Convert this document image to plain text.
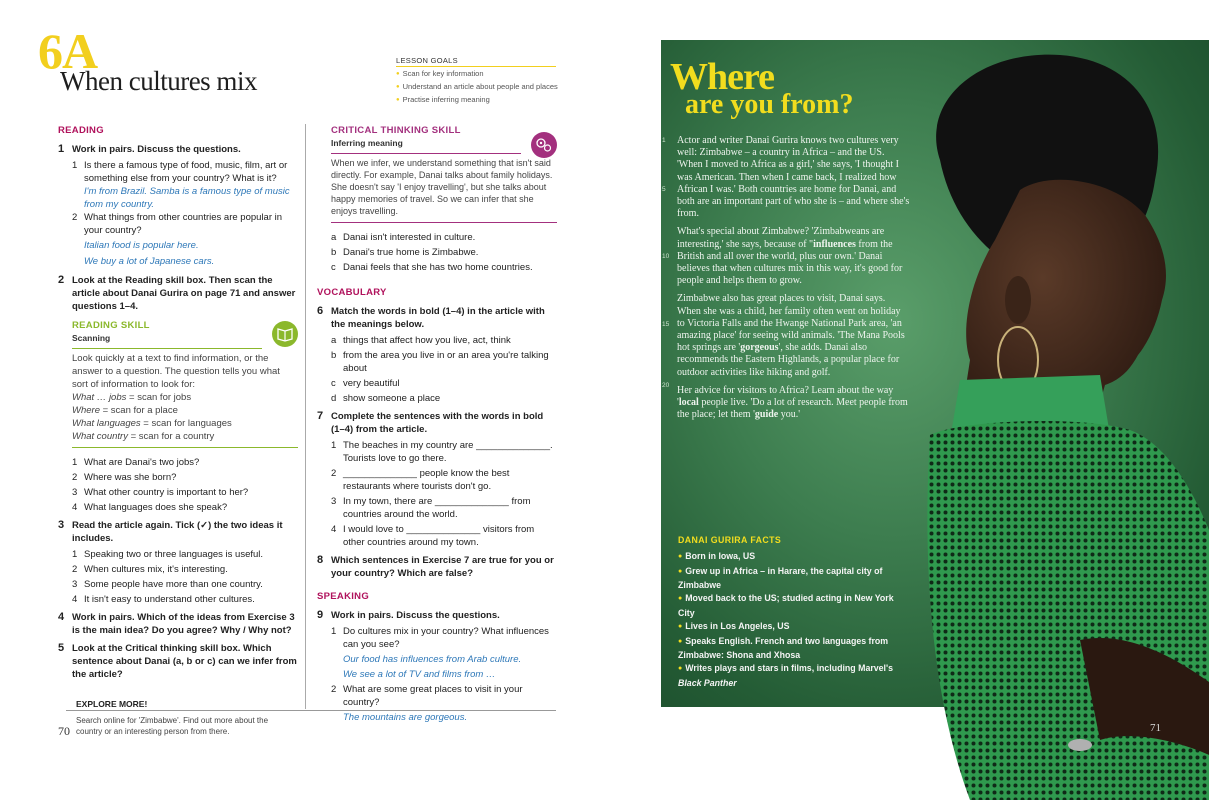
6A
When cultures mix
LESSON GOALS
● Scan for key information
● Understand an article about people and places
● Practise inferring meaning
READING
1 Work in pairs. Discuss the questions.
1 Is there a famous type of food, music, film, art or something else from your country? What is it?
I'm from Brazil. Samba is a famous type of music from my country.
2 What things from other countries are popular in your country?
Italian food is popular here.
We buy a lot of Japanese cars.
2 Look at the Reading skill box. Then scan the article about Danai Gurira on page 71 and answer questions 1–4.
READING SKILL
Scanning
Look quickly at a text to find information, or the answer to a question. The question tells you what sort of information to look for:
What … jobs = scan for jobs
Where = scan for a place
What languages = scan for languages
What country = scan for a country
1 What are Danai's two jobs?
2 Where was she born?
3 What other country is important to her?
4 What languages does she speak?
3 Read the article again. Tick (✓) the two ideas it includes.
1 Speaking two or three languages is useful.
2 When cultures mix, it's interesting.
3 Some people have more than one country.
4 It isn't easy to understand other cultures.
4 Work in pairs. Which of the ideas from Exercise 3 is the main idea? Do you agree? Why / Why not?
5 Look at the Critical thinking skill box. Which sentence about Danai (a, b or c) can we infer from the article?
CRITICAL THINKING SKILL
Inferring meaning
When we infer, we understand something that isn't said directly. For example, Danai talks about family holidays. She doesn't say 'I enjoy travelling', but she talks about happy memories of travel. So we can infer that she enjoys travelling.
a Danai isn't interested in culture.
b Danai's true home is Zimbabwe.
c Danai feels that she has two home countries.
VOCABULARY
6 Match the words in bold (1–4) in the article with the meanings below.
a things that affect how you live, act, think
b from the area you live in or an area you're talking about
c very beautiful
d show someone a place
7 Complete the sentences with the words in bold (1–4) from the article.
1 The beaches in my country are ______________. Tourists love to go there.
2 ______________ people know the best restaurants where tourists don't go.
3 In my town, there are ______________ from countries around the world.
4 I would love to ______________ visitors from other countries around my town.
8 Which sentences in Exercise 7 are true for you or your country? Which are false?
SPEAKING
9 Work in pairs. Discuss the questions.
1 Do cultures mix in your country? What influences can you see?
Our food has influences from Arab culture.
We see a lot of TV and films from …
2 What are some great places to visit in your country?
The mountains are gorgeous.
EXPLORE MORE!
Search online for 'Zimbabwe'. Find out more about the country or an interesting person from there.
70
Where
are you from?
1
5
10
15
20

Actor and writer Danai Gurira knows two cultures very well: Zimbabwe – a country in Africa – and the US. 'When I moved to Africa as a girl,' she says, 'I thought I was American. Then when I came back, I realized how African I was.' Both countries are home for Danai, and both are an important part of who she is – and where she's from.

What's special about Zimbabwe? 'Zimbabweans are interesting,' she says, because of "influences from the British and all over the world, plus our own.' Danai believes that when cultures mix in this way, it's good for people and helps them to grow.

Zimbabwe also has great places to visit, Danai says. When she was a child, her family often went on holiday to Victoria Falls and the Hwange National Park area, 'an amazing place' for seeing wild animals. 'The Mana Pools hot springs are 'gorgeous', she adds. Danai also recommends the Eastern Highlands, a popular place for outdoor activities like hiking and golf.

Her advice for visitors to Africa? Learn about the way 'local people live. 'Do a lot of research. Meet people from the place; let them 'guide you.'

DANAI GURIRA FACTS
● Born in Iowa, US
● Grew up in Africa – in Harare, the capital city of Zimbabwe
● Moved back to the US; studied acting in New York City
● Lives in Los Angeles, US
● Speaks English. French and two languages from Zimbabwe: Shona and Xhosa
● Writes plays and stars in films, including Marvel's Black Panther
71
